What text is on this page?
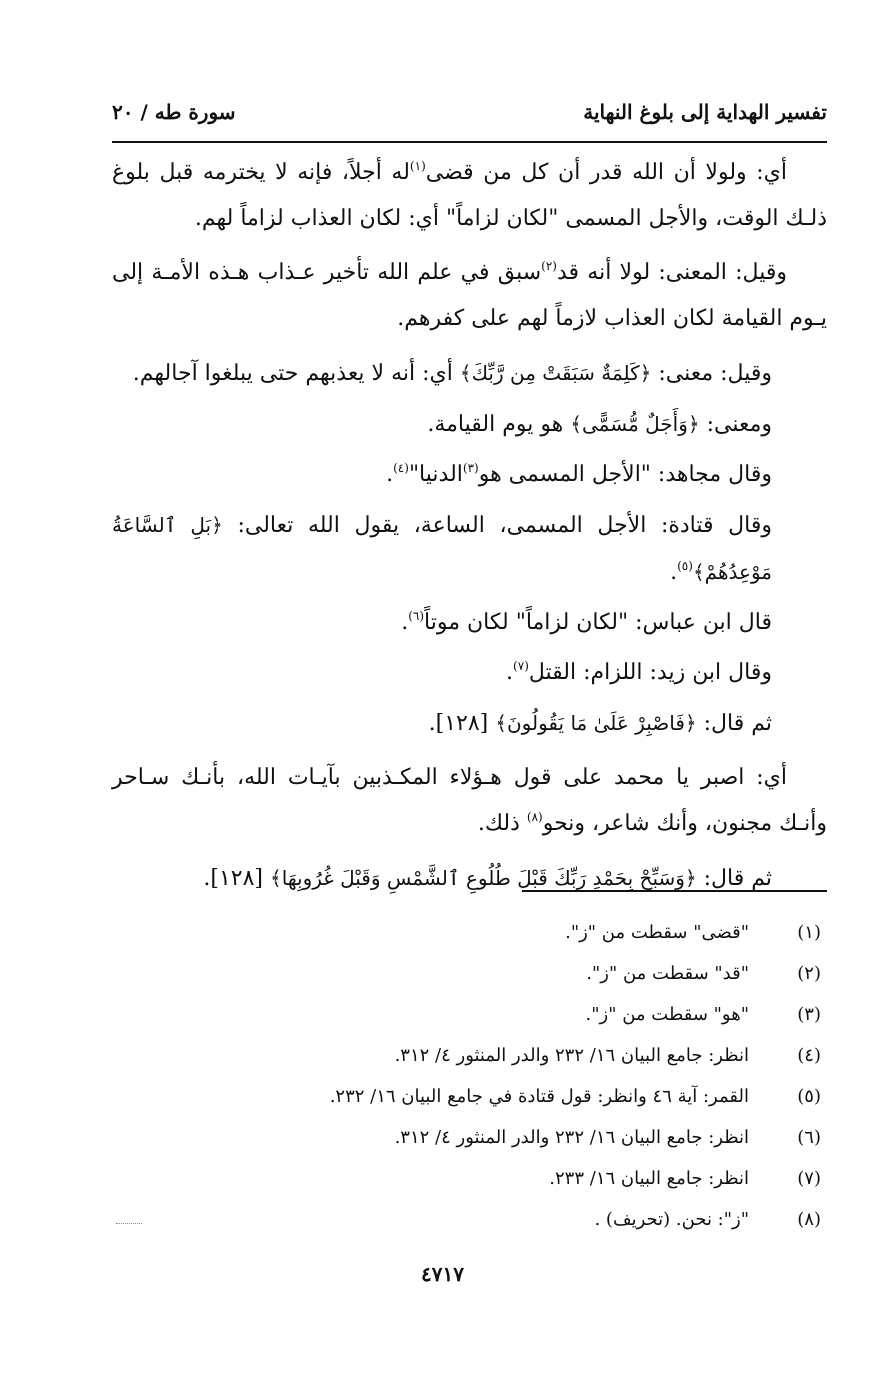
تفسير الهداية إلى بلوغ النهاية
سورة طه / ٢٠

أي: ولولا أن الله قدر أن كل من قضى$^{(١)}$له أجلاً، فإنه لا يخترمه قبل بلوغ ذلـك الوقت، والأجل المسمى "لكان لزاماً" أي: لكان العذاب لزاماً لهم.

وقيل: المعنى: لولا أنه قد$^{(٢)}$سبق في علم الله تأخير عـذاب هـذه الأمـة إلى يـوم القيامة لكان العذاب لازماً لهم على كفرهم.

وقيل: معنى: ﴿كَلِمَةٌ سَبَقَتْ مِن رَّبِّكَ﴾ أي: أنه لا يعذبهم حتى يبلغوا آجالهم.

ومعنى: ﴿وَأَجَلٌ مُّسَمًّى﴾ هو يوم القيامة.

وقال مجاهد: "الأجل المسمى هو$^{(٣)}$الدنيا"$^{(٤)}$.

وقال قتادة: الأجل المسمى، الساعة، يقول الله تعالى: ﴿بَلِ ٱلسَّاعَةُ مَوْعِدُهُمْ﴾$^{(٥)}$.

قال ابن عباس: "لكان لزاماً" لكان موتاً$^{(٦)}$.

وقال ابن زيد: اللزام: القتل$^{(٧)}$.

ثم قال: ﴿فَاصْبِرْ عَلَىٰ مَا يَقُولُونَ﴾ [١٢٨].

أي: اصبر يا محمد على قول هـؤلاء المكـذبين بآيـات الله، بأنـك سـاحر وأنـك مجنون، وأنك شاعر، ونحو$^{(٨)}$ ذلك.

ثم قال: ﴿وَسَبِّحْ بِحَمْدِ رَبِّكَ قَبْلَ طُلُوعِ ٱلشَّمْسِ وَقَبْلَ غُرُوبِهَا﴾ [١٢٨].

(١)
"قضى" سقطت من "ز".
(٢)
"قد" سقطت من "ز".
(٣)
"هو" سقطت من "ز".
(٤)
انظر: جامع البيان ١٦/ ٢٣٢ والدر المنثور ٤/ ٣١٢.
(٥)
القمر: آية ٤٦ وانظر: قول قتادة في جامع البيان ١٦/ ٢٣٢.
(٦)
انظر: جامع البيان ١٦/ ٢٣٢ والدر المنثور ٤/ ٣١٢.
(٧)
انظر: جامع البيان ١٦/ ٢٣٣.
(٨)
"ز": نحن. (تحريف) .
٤٧١٧
